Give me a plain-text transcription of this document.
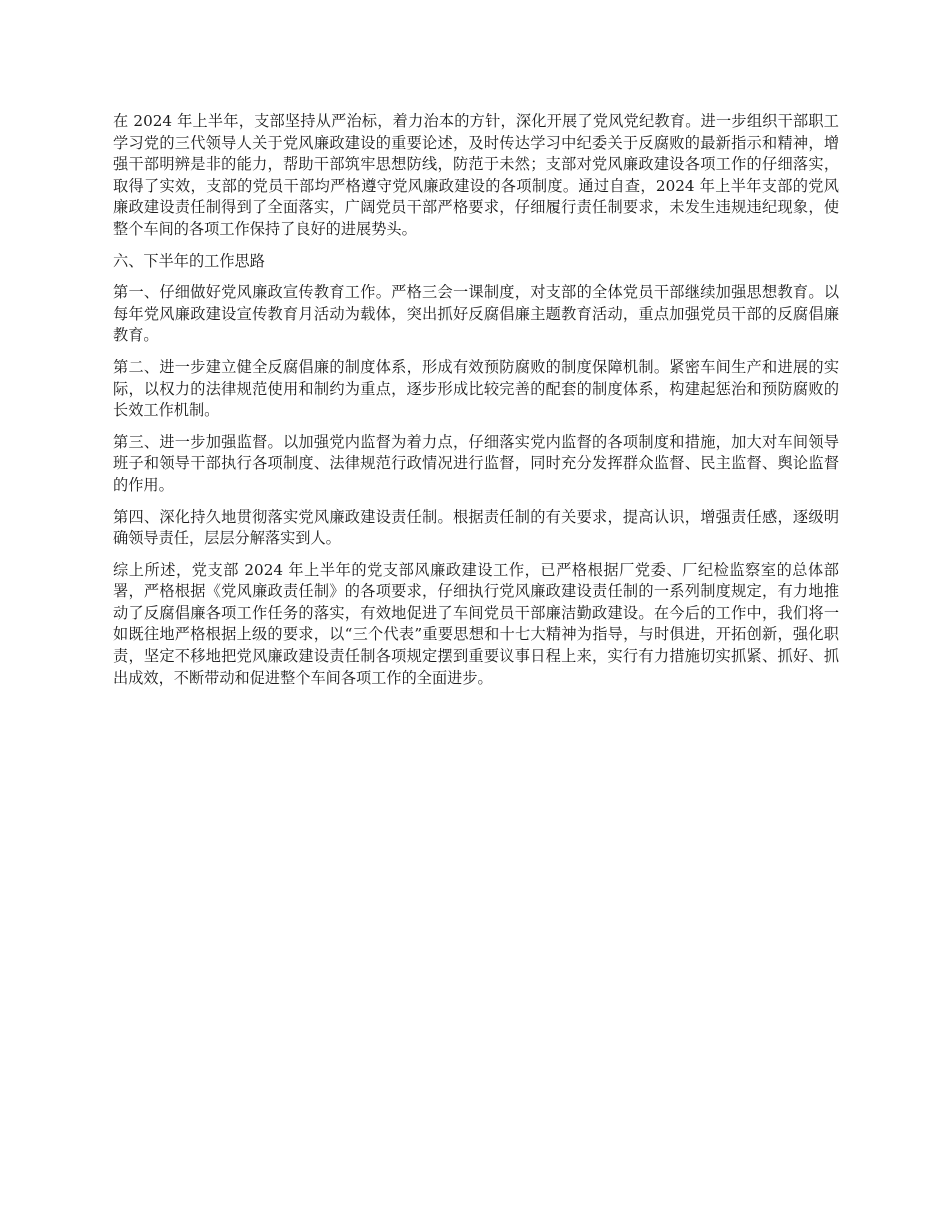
在 2024 年上半年，支部坚持从严治标，着力治本的方针，深化开展了党风党纪教育。进一步组织干部职工学习党的三代领导人关于党风廉政建设的重要论述，及时传达学习中纪委关于反腐败的最新指示和精神，增强干部明辨是非的能力，帮助干部筑牢思想防线，防范于未然；支部对党风廉政建设各项工作的仔细落实，取得了实效，支部的党员干部均严格遵守党风廉政建设的各项制度。通过自查，2024 年上半年支部的党风廉政建设责任制得到了全面落实，广阔党员干部严格要求，仔细履行责任制要求，未发生违规违纪现象，使整个车间的各项工作保持了良好的进展势头。

六、下半年的工作思路

第一、仔细做好党风廉政宣传教育工作。严格三会一课制度，对支部的全体党员干部继续加强思想教育。以每年党风廉政建设宣传教育月活动为载体，突出抓好反腐倡廉主题教育活动，重点加强党员干部的反腐倡廉教育。

第二、进一步建立健全反腐倡廉的制度体系，形成有效预防腐败的制度保障机制。紧密车间生产和进展的实际，以权力的法律规范使用和制约为重点，逐步形成比较完善的配套的制度体系，构建起惩治和预防腐败的长效工作机制。

第三、进一步加强监督。以加强党内监督为着力点，仔细落实党内监督的各项制度和措施，加大对车间领导班子和领导干部执行各项制度、法律规范行政情况进行监督，同时充分发挥群众监督、民主监督、舆论监督的作用。

第四、深化持久地贯彻落实党风廉政建设责任制。根据责任制的有关要求，提高认识，增强责任感，逐级明确领导责任，层层分解落实到人。

综上所述，党支部 2024 年上半年的党支部风廉政建设工作，已严格根据厂党委、厂纪检监察室的总体部署，严格根据《党风廉政责任制》的各项要求，仔细执行党风廉政建设责任制的一系列制度规定，有力地推动了反腐倡廉各项工作任务的落实，有效地促进了车间党员干部廉洁勤政建设。在今后的工作中，我们将一如既往地严格根据上级的要求，以“三个代表”重要思想和十七大精神为指导，与时俱进，开拓创新，强化职责，坚定不移地把党风廉政建设责任制各项规定摆到重要议事日程上来，实行有力措施切实抓紧、抓好、抓出成效，不断带动和促进整个车间各项工作的全面进步。
